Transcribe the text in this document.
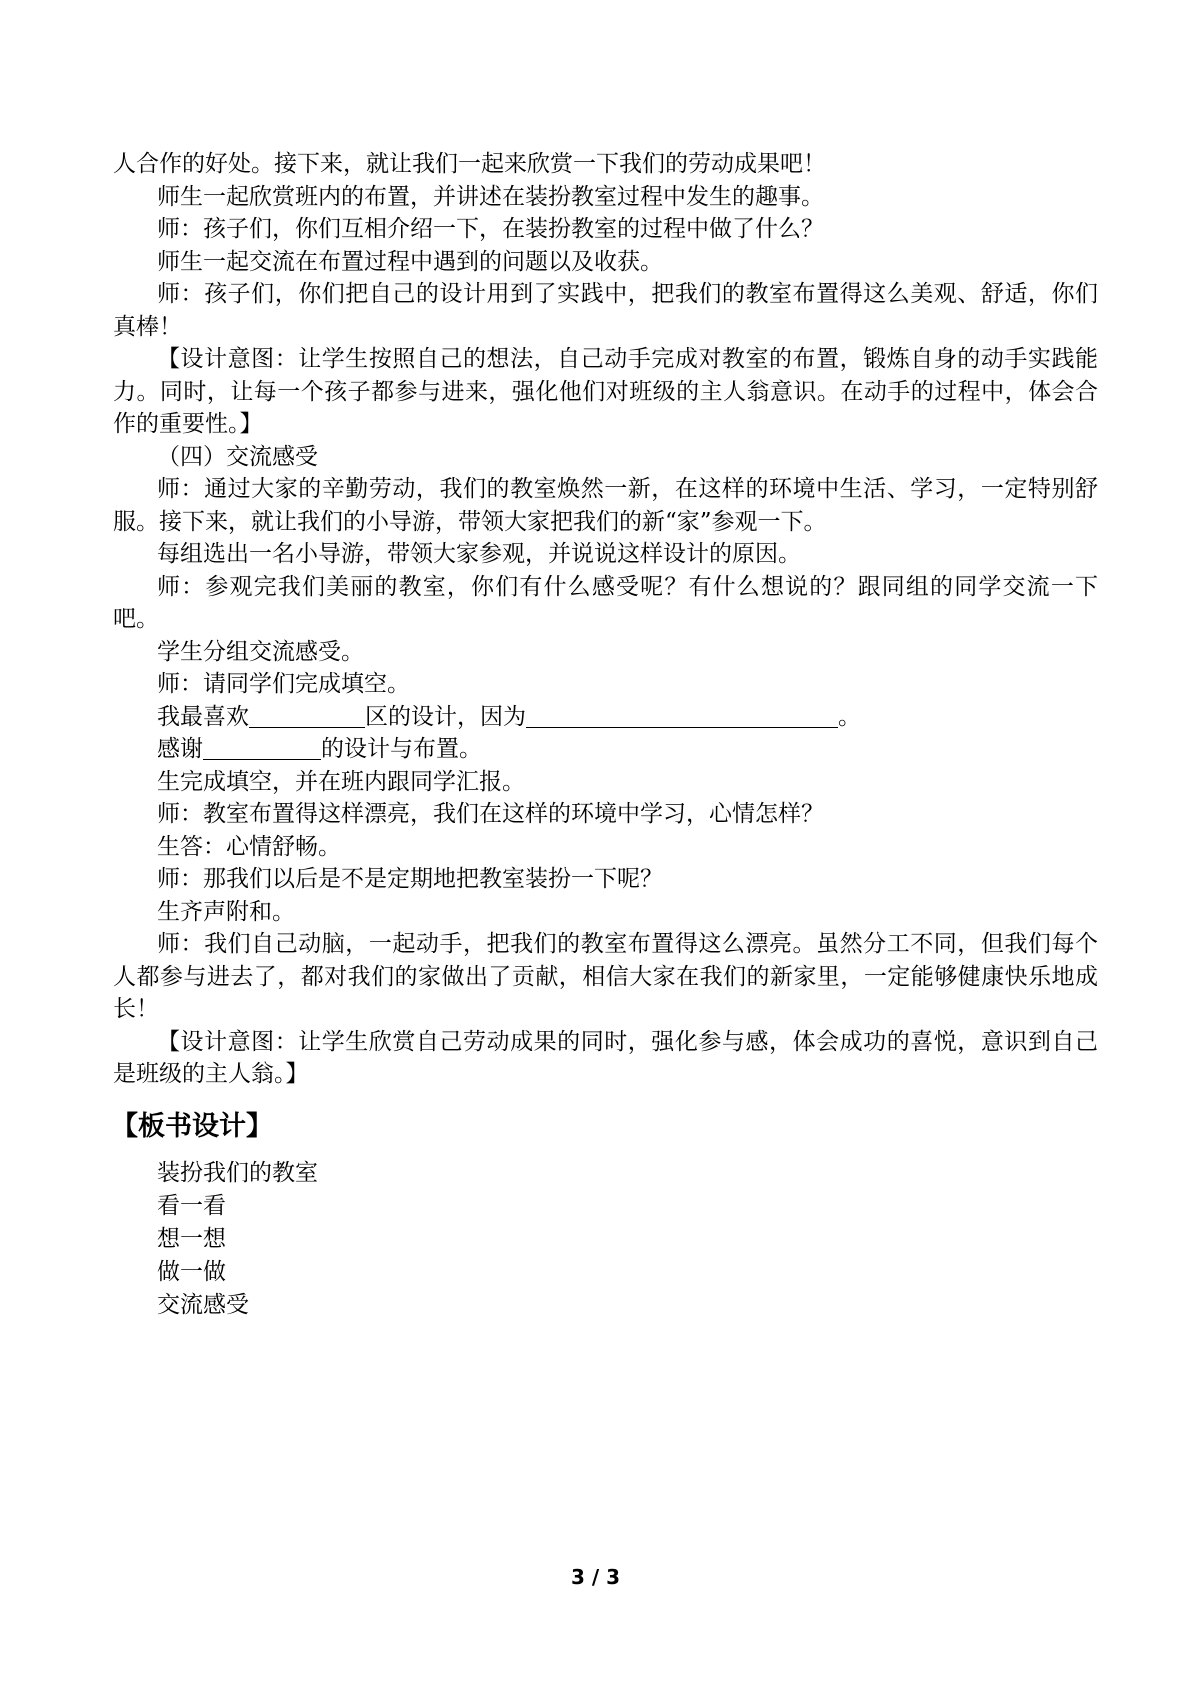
人合作的好处。接下来，就让我们一起来欣赏一下我们的劳动成果吧！

师生一起欣赏班内的布置，并讲述在装扮教室过程中发生的趣事。

师：孩子们，你们互相介绍一下，在装扮教室的过程中做了什么？

师生一起交流在布置过程中遇到的问题以及收获。

师：孩子们，你们把自己的设计用到了实践中，把我们的教室布置得这么美观、舒适，你们真棒！

【设计意图：让学生按照自己的想法，自己动手完成对教室的布置，锻炼自身的动手实践能力。同时，让每一个孩子都参与进来，强化他们对班级的主人翁意识。在动手的过程中，体会合作的重要性。】

（四）交流感受

师：通过大家的辛勤劳动，我们的教室焕然一新，在这样的环境中生活、学习，一定特别舒服。接下来，就让我们的小导游，带领大家把我们的新“家”参观一下。

每组选出一名小导游，带领大家参观，并说说这样设计的原因。

师：参观完我们美丽的教室，你们有什么感受呢？有什么想说的？跟同组的同学交流一下吧。

学生分组交流感受。

师：请同学们完成填空。

我最喜欢	区的设计，因为	。

感谢	的设计与布置。

生完成填空，并在班内跟同学汇报。

师：教室布置得这样漂亮，我们在这样的环境中学习，心情怎样？

生答：心情舒畅。

师：那我们以后是不是定期地把教室装扮一下呢？

生齐声附和。

师：我们自己动脑，一起动手，把我们的教室布置得这么漂亮。虽然分工不同，但我们每个人都参与进去了，都对我们的家做出了贡献，相信大家在我们的新家里，一定能够健康快乐地成长！

【设计意图：让学生欣赏自己劳动成果的同时，强化参与感，体会成功的喜悦，意识到自己是班级的主人翁。】

【板书设计】

装扮我们的教室

看一看

想一想

做一做

交流感受

3 / 3
